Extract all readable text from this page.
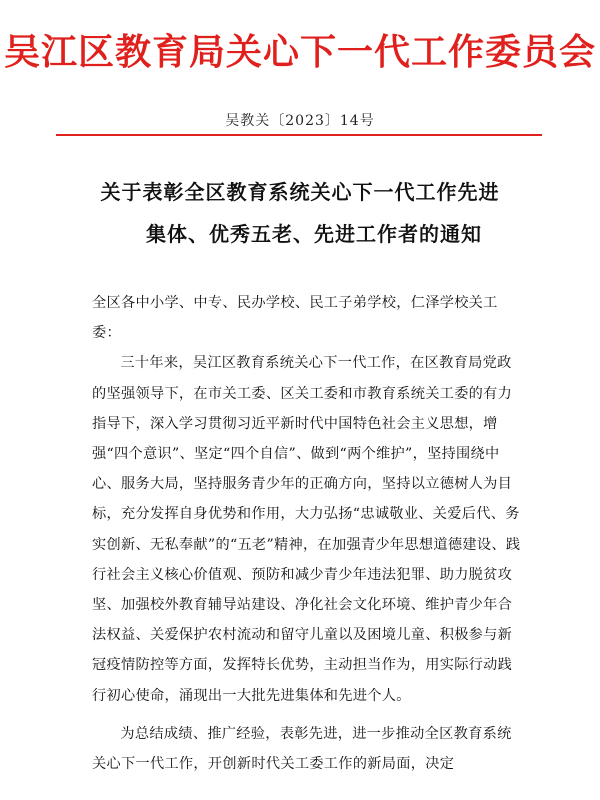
吴江区教育局关心下一代工作委员会
吴教关〔2023〕14号
关于表彰全区教育系统关心下一代工作先进
集体、优秀五老、先进工作者的通知

全区各中小学、中专、民办学校、民工子弟学校，仁泽学校关工委：

三十年来，吴江区教育系统关心下一代工作，在区教育局党政的坚强领导下，在市关工委、区关工委和市教育系统关工委的有力指导下，深入学习贯彻习近平新时代中国特色社会主义思想，增强“四个意识”、坚定“四个自信”、做到“两个维护”，坚持围绕中心、服务大局，坚持服务青少年的正确方向，坚持以立德树人为目标，充分发挥自身优势和作用，大力弘扬“忠诚敬业、关爱后代、务实创新、无私奉献”的“五老”精神，在加强青少年思想道德建设、践行社会主义核心价值观、预防和减少青少年违法犯罪、助力脱贫攻坚、加强校外教育辅导站建设、净化社会文化环境、维护青少年合法权益、关爱保护农村流动和留守儿童以及困境儿童、积极参与新冠疫情防控等方面，发挥特长优势，主动担当作为，用实际行动践行初心使命，涌现出一大批先进集体和先进个人。

为总结成绩、推广经验，表彰先进，进一步推动全区教育系统关心下一代工作，开创新时代关工委工作的新局面，决定
